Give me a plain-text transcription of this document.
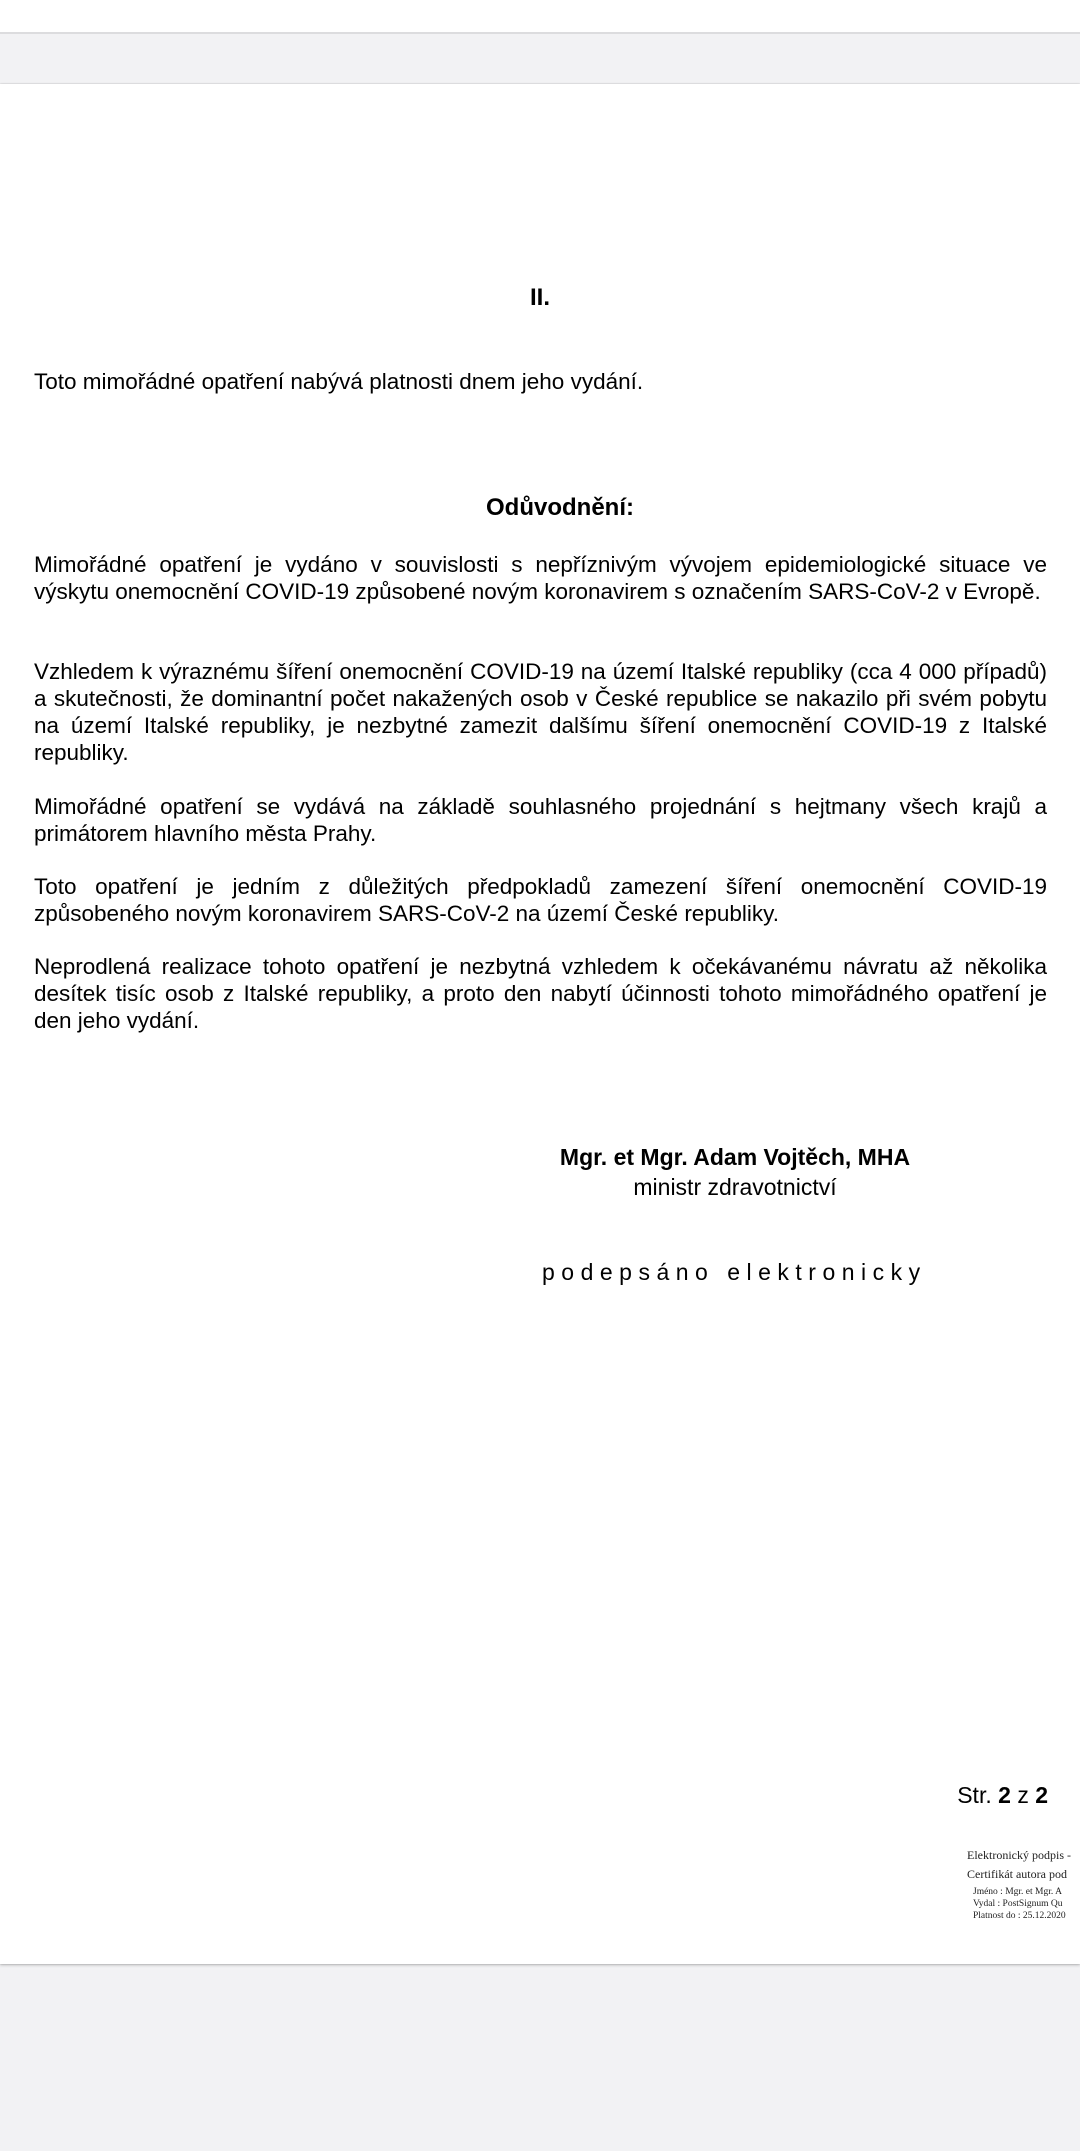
II.

Toto mimořádné opatření nabývá platnosti dnem jeho vydání.

Odůvodnění:

Mimořádné opatření je vydáno v souvislosti s nepříznivým vývojem epidemiologické situace ve výskytu onemocnění COVID-19 způsobené novým koronavirem s označením SARS-CoV-2 v Evropě.

Vzhledem k výraznému šíření onemocnění COVID-19 na území Italské republiky (cca 4 000 případů) a skutečnosti, že dominantní počet nakažených osob v České republice se nakazilo při svém pobytu na území Italské republiky, je nezbytné zamezit dalšímu šíření onemocnění COVID-19 z Italské republiky.

Mimořádné opatření se vydává na základě souhlasného projednání s hejtmany všech krajů a primátorem hlavního města Prahy.

Toto opatření je jedním z důležitých předpokladů zamezení šíření onemocnění COVID-19 způsobeného novým koronavirem SARS-CoV-2 na území České republiky.

Neprodlená realizace tohoto opatření je nezbytná vzhledem k očekávanému návratu až několika desítek tisíc osob z Italské republiky, a proto den nabytí účinnosti tohoto mimořádného opatření je den jeho vydání.

Mgr. et Mgr. Adam Vojtěch, MHA

ministr zdravotnictví

podepsáno elektronicky

Str. 2 z 2

Elektronický podpis -
Certifikát autora pod
Jméno : Mgr. et Mgr. A
Vydal : PostSignum Qu
Platnost do : 25.12.2020
